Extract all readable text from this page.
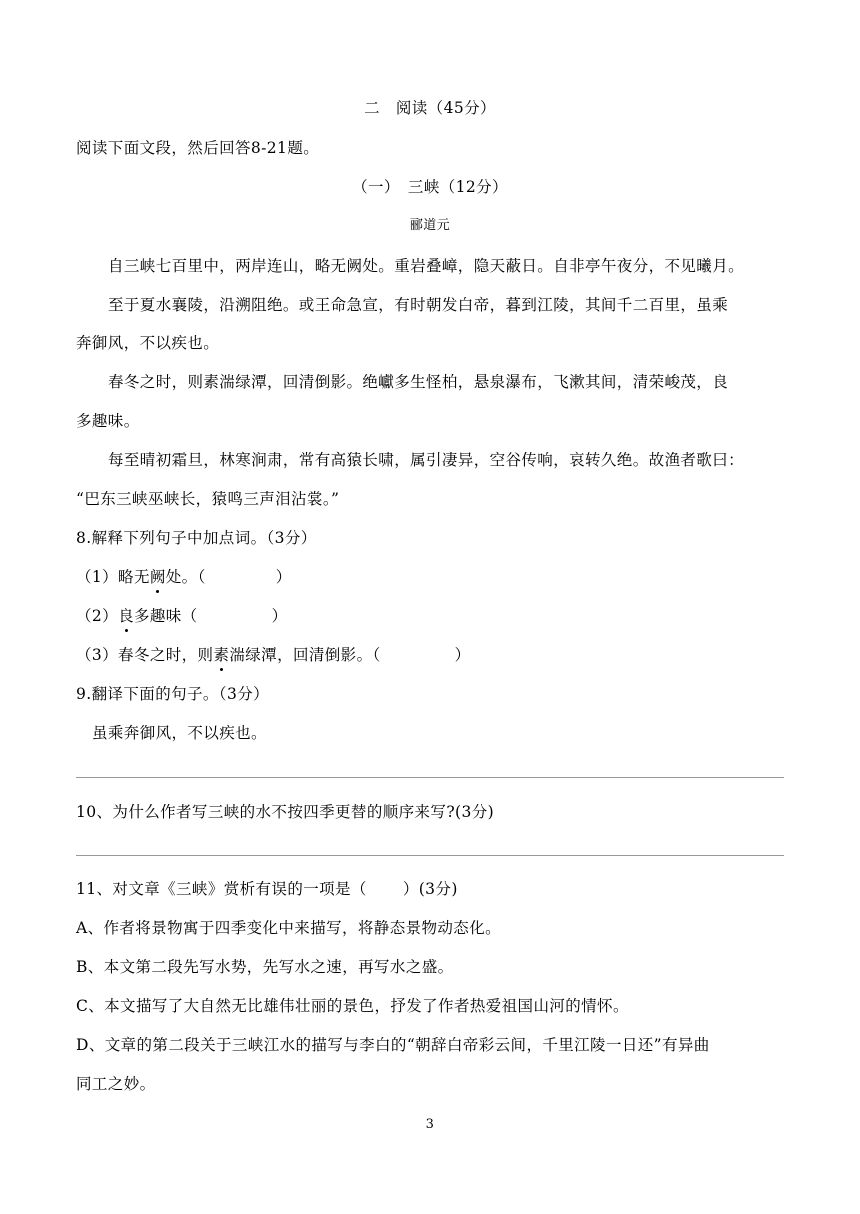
二　阅读（45分）
阅读下面文段，然后回答8-21题。
（一）　三峡（12分）
郦道元
自三峡七百里中，两岸连山，略无阙处。重岩叠嶂，隐天蔽日。自非亭午夜分，不见曦月。
至于夏水襄陵，沿溯阻绝。或王命急宣，有时朝发白帝，暮到江陵，其间千二百里，虽乘
奔御风，不以疾也。
春冬之时，则素湍绿潭，回清倒影。绝巘多生怪柏，悬泉瀑布，飞漱其间，清荣峻茂，良
多趣味。
每至晴初霜旦，林寒涧肃，常有高猿长啸，属引凄异，空谷传响，哀转久绝。故渔者歌曰：
“巴东三峡巫峡长，猿鸣三声泪沾裳。”
8.解释下列句子中加点词。（3分）
（1）略无阙处。（	）
（2）良多趣味（	）
（3）春冬之时，则素湍绿潭，回清倒影。（	）
9.翻译下面的句子。（3分）
虽乘奔御风，不以疾也。
10、为什么作者写三峡的水不按四季更替的顺序来写?(3分)
11、对文章《三峡》赏析有误的一项是（ ）(3分)
A、作者将景物寓于四季变化中来描写，将静态景物动态化。
B、本文第二段先写水势，先写水之速，再写水之盛。
C、本文描写了大自然无比雄伟壮丽的景色，抒发了作者热爱祖国山河的情怀。
D、文章的第二段关于三峡江水的描写与李白的“朝辞白帝彩云间，千里江陵一日还”有异曲
同工之妙。
3
